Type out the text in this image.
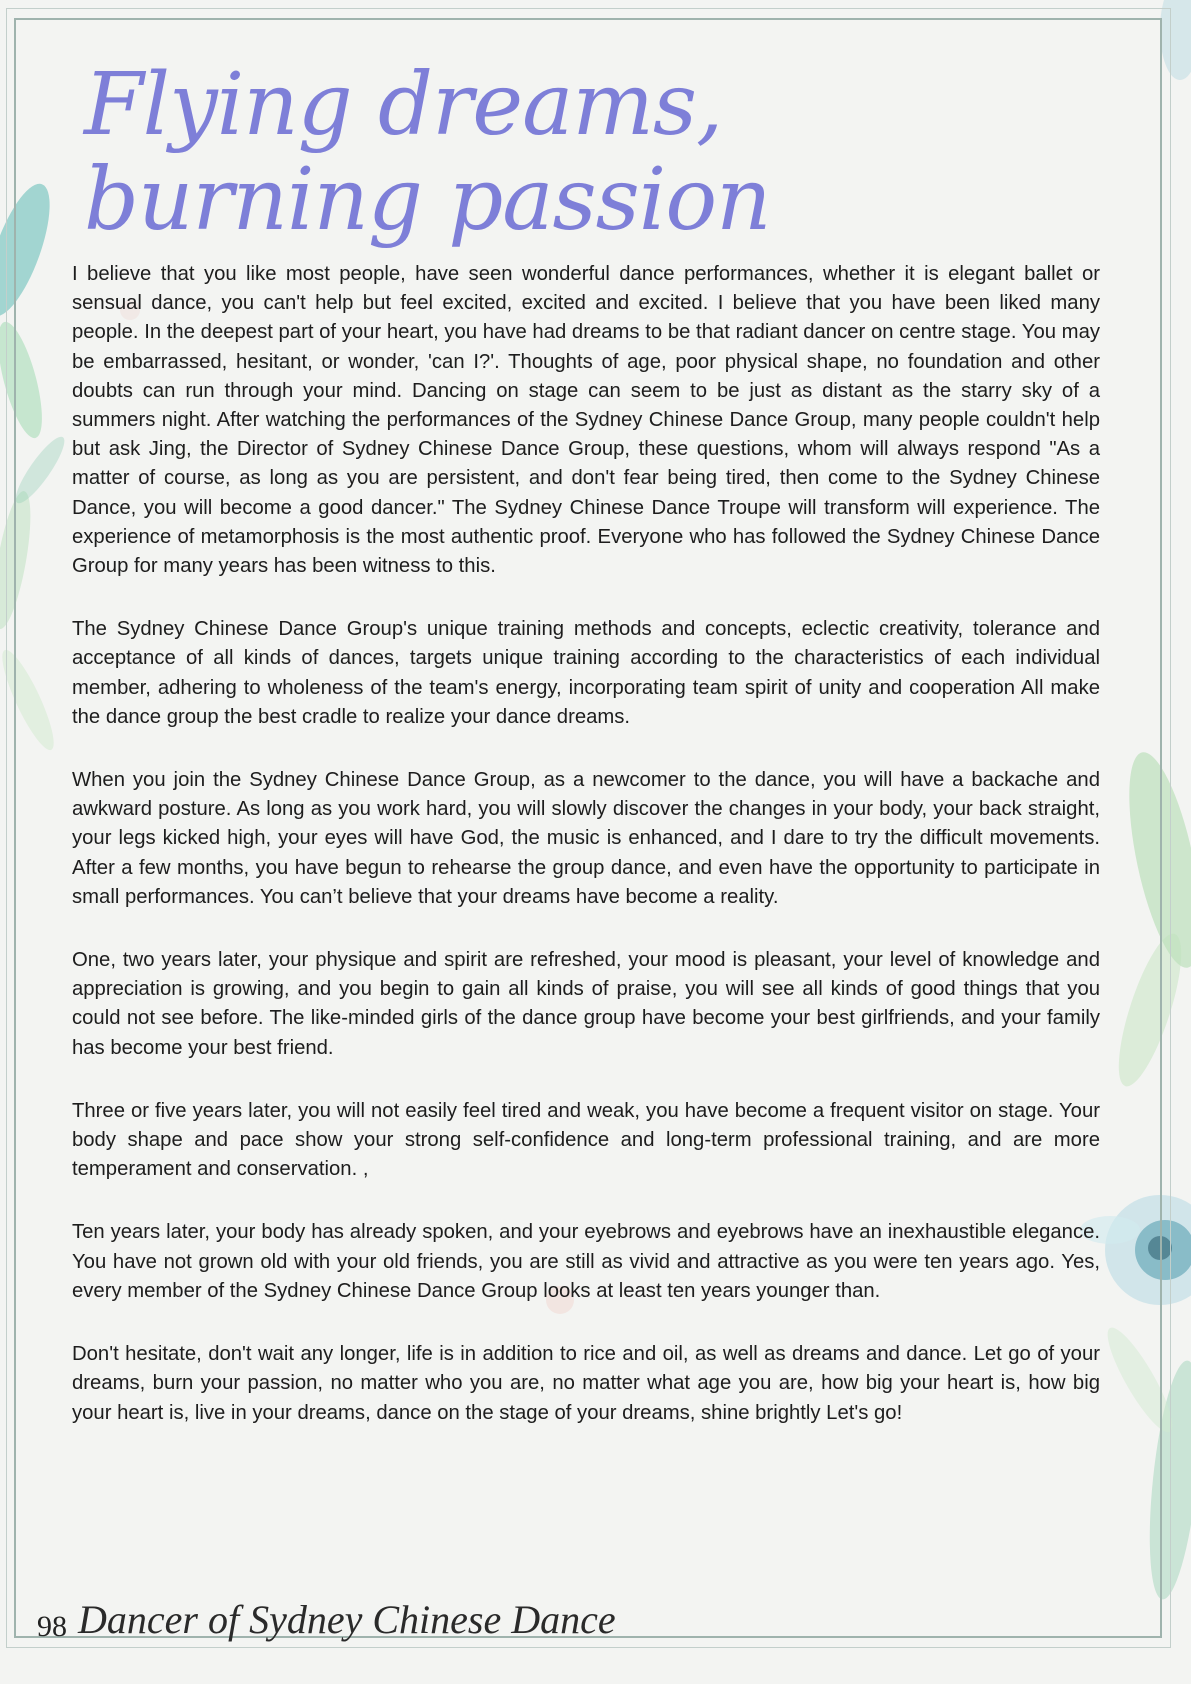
Flying dreams, burning passion

I believe that you like most people, have seen wonderful dance performances, whether it is elegant ballet or sensual dance, you can't help but feel excited, excited and excited. I believe that you have been liked many people. In the deepest part of your heart, you have had dreams to be that radiant dancer on centre stage. You may be embarrassed, hesitant, or wonder, 'can I?'. Thoughts of age, poor physical shape, no foundation and other doubts can run through your mind. Dancing on stage can seem to be just as distant as the starry sky of a summers night. After watching the performances of the Sydney Chinese Dance Group, many people couldn't help but ask Jing, the Director of Sydney Chinese Dance Group, these questions, whom will always respond "As a matter of course, as long as you are persistent, and don't fear being tired, then come to the Sydney Chinese Dance, you will become a good dancer." The Sydney Chinese Dance Troupe will transform will experience. The experience of metamorphosis is the most authentic proof. Everyone who has followed the Sydney Chinese Dance Group for many years has been witness to this.

The Sydney Chinese Dance Group's unique training methods and concepts, eclectic creativity, tolerance and acceptance of all kinds of dances, targets unique training according to the characteristics of each individual member, adhering to wholeness of the team's energy, incorporating team spirit of unity and cooperation All make the dance group the best cradle to realize your dance dreams.

When you join the Sydney Chinese Dance Group, as a newcomer to the dance, you will have a backache and awkward posture. As long as you work hard, you will slowly discover the changes in your body, your back straight, your legs kicked high, your eyes will have God, the music is enhanced, and I dare to try the difficult movements. After a few months, you have begun to rehearse the group dance, and even have the opportunity to participate in small performances. You can’t believe that your dreams have become a reality.

One, two years later, your physique and spirit are refreshed, your mood is pleasant, your level of knowledge and appreciation is growing, and you begin to gain all kinds of praise, you will see all kinds of good things that you could not see before. The like-minded girls of the dance group have become your best girlfriends, and your family has become your best friend.

Three or five years later, you will not easily feel tired and weak, you have become a frequent visitor on stage. Your body shape and pace show your strong self-confidence and long-term professional training, and are more temperament and conservation. ,

Ten years later, your body has already spoken, and your eyebrows and eyebrows have an inexhaustible elegance. You have not grown old with your old friends, you are still as vivid and attractive as you were ten years ago. Yes, every member of the Sydney Chinese Dance Group looks at least ten years younger than.

Don't hesitate, don't wait any longer, life is in addition to rice and oil, as well as dreams and dance. Let go of your dreams, burn your passion, no matter who you are, no matter what age you are, how big your heart is, how big your heart is, live in your dreams, dance on the stage of your dreams, shine brightly Let's go!

98 Dancer of Sydney Chinese Dance
